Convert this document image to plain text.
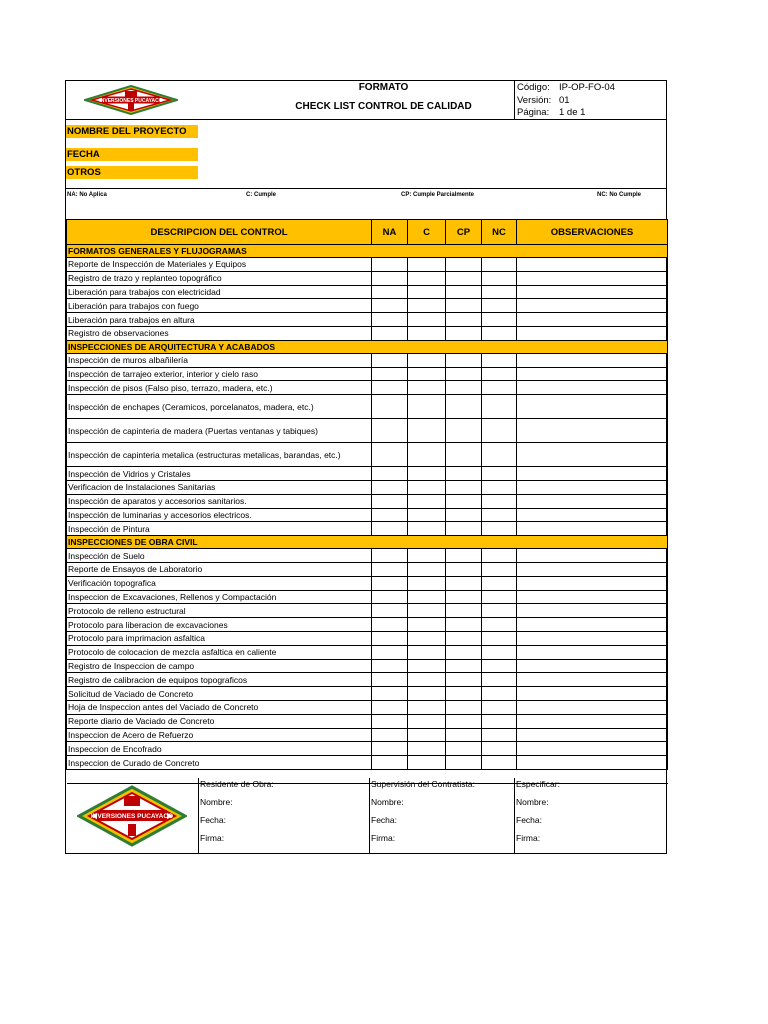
INVERSIONES PUCAYACO
FORMATO
CHECK LIST CONTROL DE CALIDAD
Código: IP-OP-FO-04
Versión: 01
Página:	1 de 1
NOMBRE DEL PROYECTO
FECHA
OTROS
NA: No Aplica	C: Cumple	CP: Cumple Parcialmente	NC: No Cumple
DESCRIPCION DEL CONTROL	NA	C	CP	NC	OBSERVACIONES
FORMATOS GENERALES Y FLUJOGRAMAS					
Reporte de Inspección de Materiales y Equipos					
Registro de trazo y replanteo topográfico					
Liberación para trabajos con electricidad					
Liberación para trabajos con fuego					
Liberación para trabajos en altura					
Registro de observaciones					
INSPECCIONES DE ARQUITECTURA Y ACABADOS					
Inspección de muros albañilería					
Inspección de tarrajeo exterior, interior y cielo raso					
Inspección de pisos (Falso piso, terrazo, madera, etc.)					
Inspección de enchapes (Ceramicos, porcelanatos, madera, etc.)					
Inspección de capinteria de madera (Puertas ventanas y tabiques)					
Inspección de capinteria metalica (estructuras metalicas, barandas, etc.)					
Inspección de Vidrios y Cristales					
Verificacion de Instalaciones Sanitarias					
Inspección de aparatos y accesorios sanitarios.					
Inspección de luminarias y accesorios electricos.					
Inspección de Pintura					
INSPECCIONES DE OBRA CIVIL					
Inspección de Suelo					
Reporte de Ensayos de Laboratorio					
Verificación topografica					
Inspeccion de Excavaciones, Rellenos y Compactación					
Protocolo de relleno estructural					
Protocolo para liberacion de excavaciones					
Protocolo para imprimacion asfaltica					
Protocolo de colocacion de mezcla asfaltica en caliente					
Registro de Inspeccion de campo					
Registro de calibracion de equipos topograficos					
Solicitud de Vaciado de Concreto					
Hoja de Inspeccion antes del Vaciado de Concreto					
Reporte diario de Vaciado de Concreto					
Inspeccion de Acero de Refuerzo					
Inspeccion de Encofrado					
Inspeccion de Curado de Concreto					

INVERSIONES PUCAYACO
Residente de Obra:
Nombre:
Fecha:
Firma:
Supervisión del Contratista:
Nombre:
Fecha:
Firma:
Especificar:
Nombre:
Fecha:
Firma:
